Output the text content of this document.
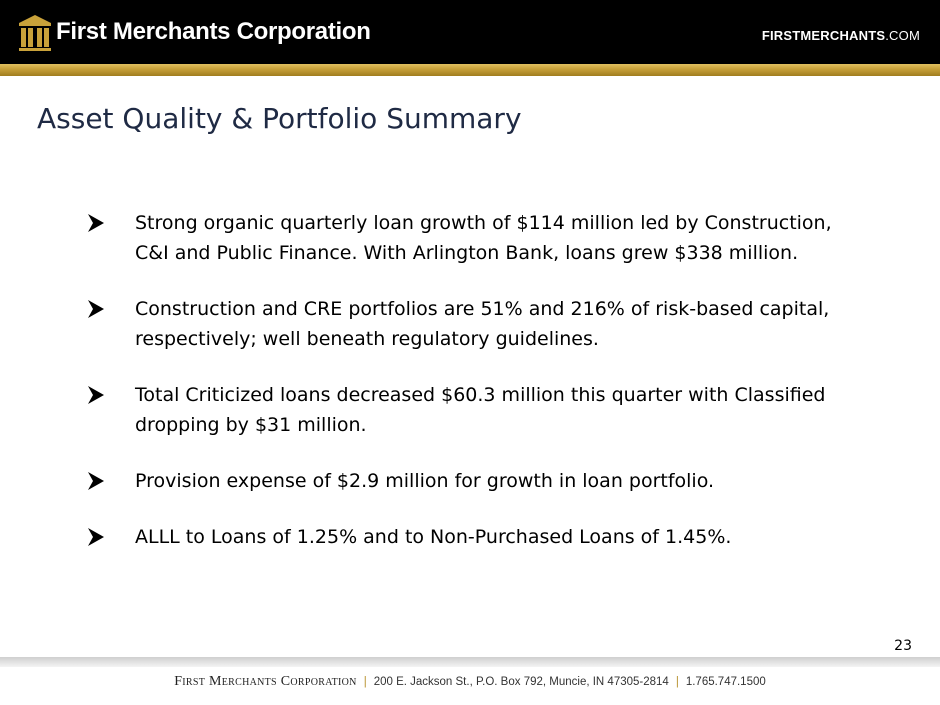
First Merchants Corporation	FIRSTMERCHANTS.COM
Asset Quality & Portfolio Summary
Strong organic quarterly loan growth of $114 million led by Construction, C&I and Public Finance. With Arlington Bank, loans grew $338 million.
Construction and CRE portfolios are 51% and 216% of risk-based capital, respectively; well beneath regulatory guidelines.
Total Criticized loans decreased $60.3 million this quarter with Classified dropping by $31 million.
Provision expense of $2.9 million for growth in loan portfolio.
ALLL to Loans of 1.25% and to Non-Purchased Loans of 1.45%.
23
First Merchants Corporation | 200 E. Jackson St., P.O. Box 792, Muncie, IN 47305-2814 | 1.765.747.1500
